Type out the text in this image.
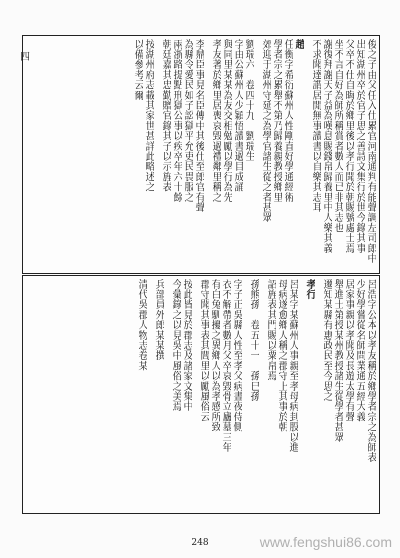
俊之子由父任入仕累官河南通判有能聲調左司郎中
出知湖州卒於官子思之善詩文集行於世今錄其事
父卒不仕自晦於鄉里後以孝行聞於朝賜號處士焉
坐不言自好為師所稱賞者數人而已非其志也
謝復拜謝天子益為嘆息賜錢帛歸養里中人樂其義
不求聞達謂居閒無事讀書以自樂其志耳
趙
任衡字希衍蘇州人性剛直好學通經術
學者宗之累舉不第乃歸養親教授鄉里
郊迎于湖州守延之為學官諸生從之者甚眾
劉瑞六　卷四十九　劉瑞生
字由公蘇州人少穎悟讀書過目成誦
與同里某某為友交相勉勵以學行為先
孝友著於鄉里居喪哀毀過禮鄰里稱之
李鼎臣事見名臣傳中其後仕至郎官有聲
為縣令愛民如子訟獄平允吏民畏服之
兩浙路提點刑獄公事以疾卒年六十餘
朝廷嘉其忠勤贈官錄其子以示旌表
按湖州府志載其家世甚詳此略述之
以備參考云爾
四
呂浩字公本以孝友稱於鄉學者宗之為師表
少好學嘗從名師問業通五經大義
居家事親以孝聞及長遊太學有聲
舉進士第授某州教授諸生從學者甚眾
遷知某縣有惠政民至今思之
孝行
呂某字某蘇州人事親至孝母病刲股以進
母病遂愈鄉人稱之郡守上其事於朝
詔旌表其門賜以粟帛焉
孫熊孫　卷五十一　孫巳孫
字子正吳縣人性至孝父病晝夜侍側
衣不解帶者數月父卒哀毀骨立廬墓三年
有白兔馴擾之異鄉人以為孝感所致
郡守聞其事表其閭里以勵風俗云
按此皆見於郡志及諸家文集中
今彙錄之以見吳中風俗之美焉
兵部員外郎某某撰
清代吳郡人物志卷某
248	www.fengshui86.com
